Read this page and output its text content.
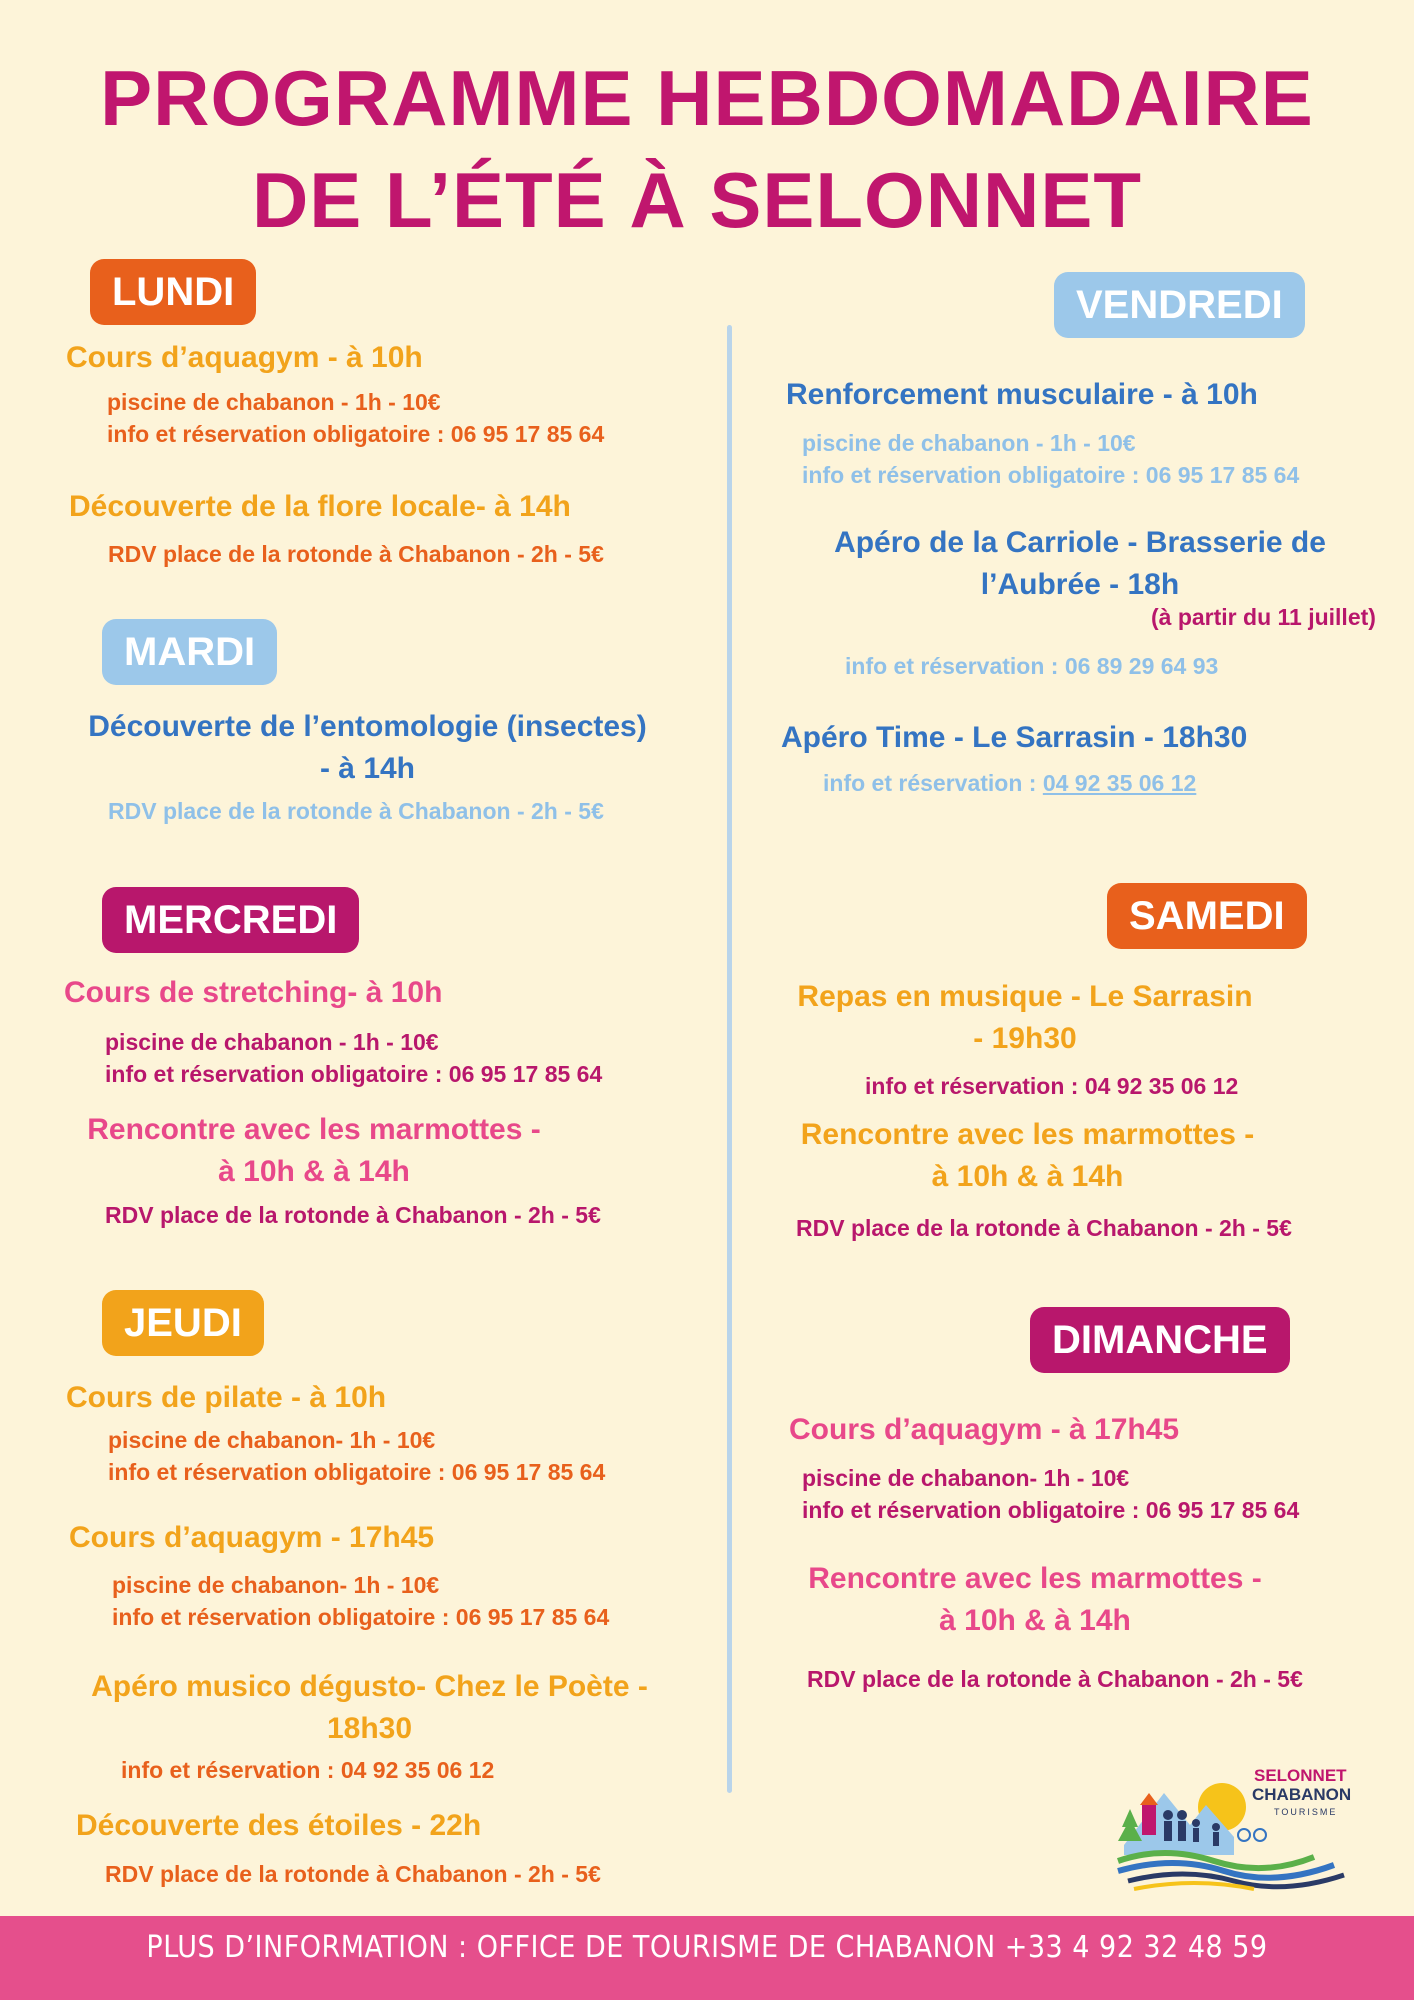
PROGRAMME HEBDOMADAIRE
DE L’ÉTÉ À SELONNET
LUNDI
Cours d’aquagym - à 10h
piscine de chabanon - 1h - 10€
info et réservation obligatoire : 06 95 17 85 64
Découverte de la flore locale- à 14h
RDV place de la rotonde à Chabanon - 2h - 5€
MARDI
Découverte de l’entomologie (insectes)
- à 14h
RDV place de la rotonde à Chabanon - 2h - 5€
MERCREDI
Cours de stretching- à 10h
piscine de chabanon - 1h - 10€
info et réservation obligatoire : 06 95 17 85 64
Rencontre avec les marmottes -
à 10h & à 14h
RDV place de la rotonde à Chabanon - 2h - 5€
JEUDI
Cours de pilate - à 10h
piscine de chabanon- 1h - 10€
info et réservation obligatoire : 06 95 17 85 64
Cours d’aquagym - 17h45
piscine de chabanon- 1h - 10€
info et réservation obligatoire : 06 95 17 85 64
Apéro musico dégusto- Chez le Poète -
18h30
info et réservation : 04 92 35 06 12
Découverte des étoiles - 22h
RDV place de la rotonde à Chabanon - 2h - 5€
VENDREDI
Renforcement musculaire - à 10h
piscine de chabanon - 1h - 10€
info et réservation obligatoire : 06 95 17 85 64
Apéro de la Carriole - Brasserie de
l’Aubrée - 18h
(à partir du 11 juillet)
info et réservation : 06 89 29 64 93
Apéro Time - Le Sarrasin - 18h30
info et réservation : 04 92 35 06 12
SAMEDI
Repas en musique - Le Sarrasin
- 19h30
info et réservation : 04 92 35 06 12
Rencontre avec les marmottes -
à 10h & à 14h
RDV place de la rotonde à Chabanon - 2h - 5€
DIMANCHE
Cours d’aquagym - à 17h45
piscine de chabanon- 1h - 10€
info et réservation obligatoire : 06 95 17 85 64
Rencontre avec les marmottes -
à 10h & à 14h
RDV place de la rotonde à Chabanon - 2h - 5€
SELONNET
CHABANON
TOURISME
PLUS D’INFORMATION : OFFICE DE TOURISME DE CHABANON +33 4 92 32 48 59
